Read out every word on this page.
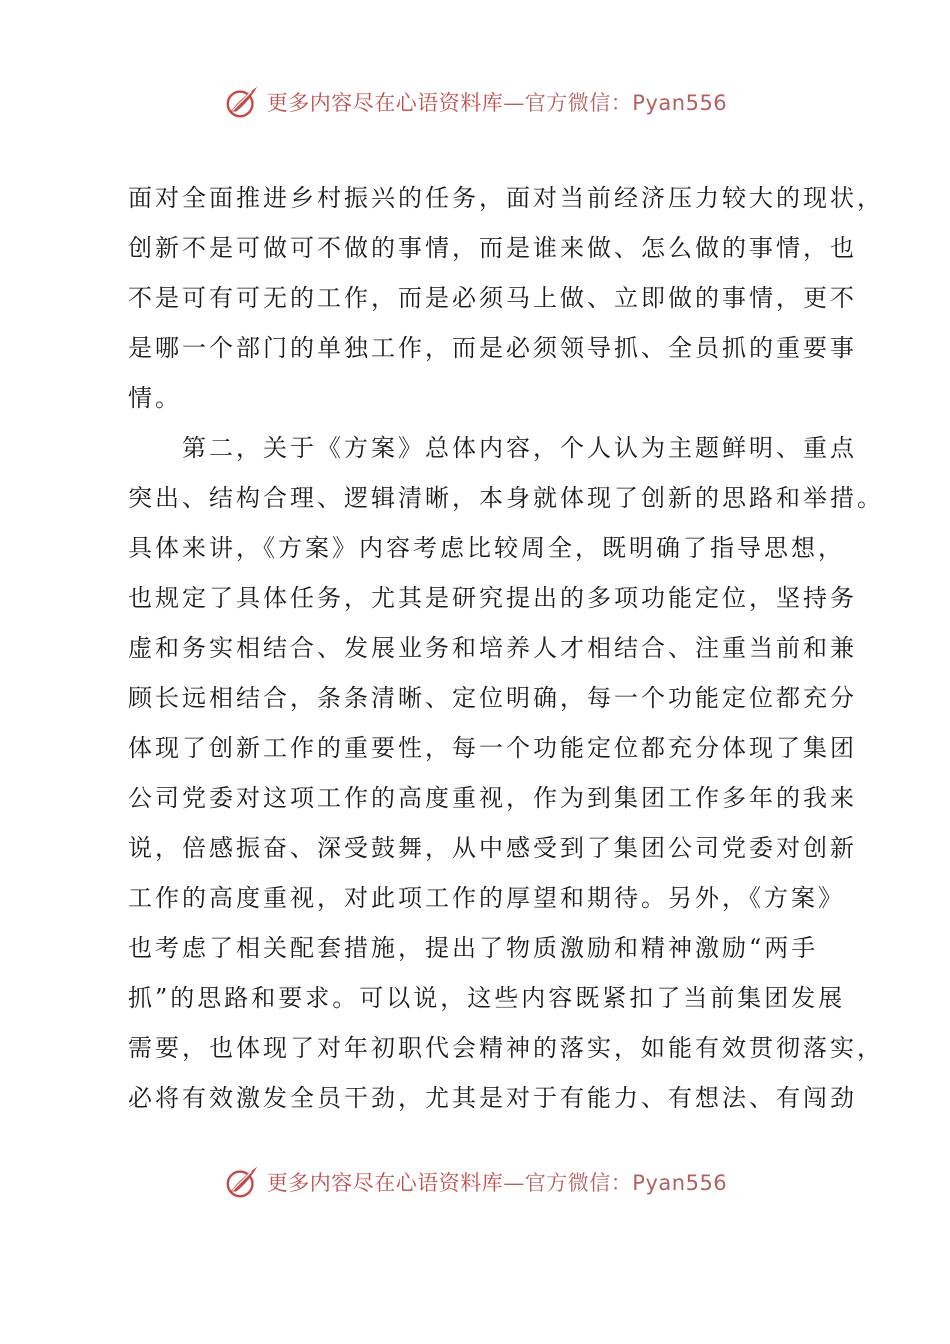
更多内容尽在心语资料库—官方微信：Pyan556

面对全面推进乡村振兴的任务，面对当前经济压力较大的现状，

创新不是可做可不做的事情，而是谁来做、怎么做的事情，也

不是可有可无的工作，而是必须马上做、立即做的事情，更不

是哪一个部门的单独工作，而是必须领导抓、全员抓的重要事

情。

　　第二，关于《方案》总体内容，个人认为主题鲜明、重点

突出、结构合理、逻辑清晰，本身就体现了创新的思路和举措。

具体来讲，《方案》内容考虑比较周全，既明确了指导思想，

也规定了具体任务，尤其是研究提出的多项功能定位，坚持务

虚和务实相结合、发展业务和培养人才相结合、注重当前和兼

顾长远相结合，条条清晰、定位明确，每一个功能定位都充分

体现了创新工作的重要性，每一个功能定位都充分体现了集团

公司党委对这项工作的高度重视，作为到集团工作多年的我来

说，倍感振奋、深受鼓舞，从中感受到了集团公司党委对创新

工作的高度重视，对此项工作的厚望和期待。另外，《方案》

也考虑了相关配套措施，提出了物质激励和精神激励“两手

抓”的思路和要求。可以说，这些内容既紧扣了当前集团发展

需要，也体现了对年初职代会精神的落实，如能有效贯彻落实，

必将有效激发全员干劲，尤其是对于有能力、有想法、有闯劲

更多内容尽在心语资料库—官方微信：Pyan556
